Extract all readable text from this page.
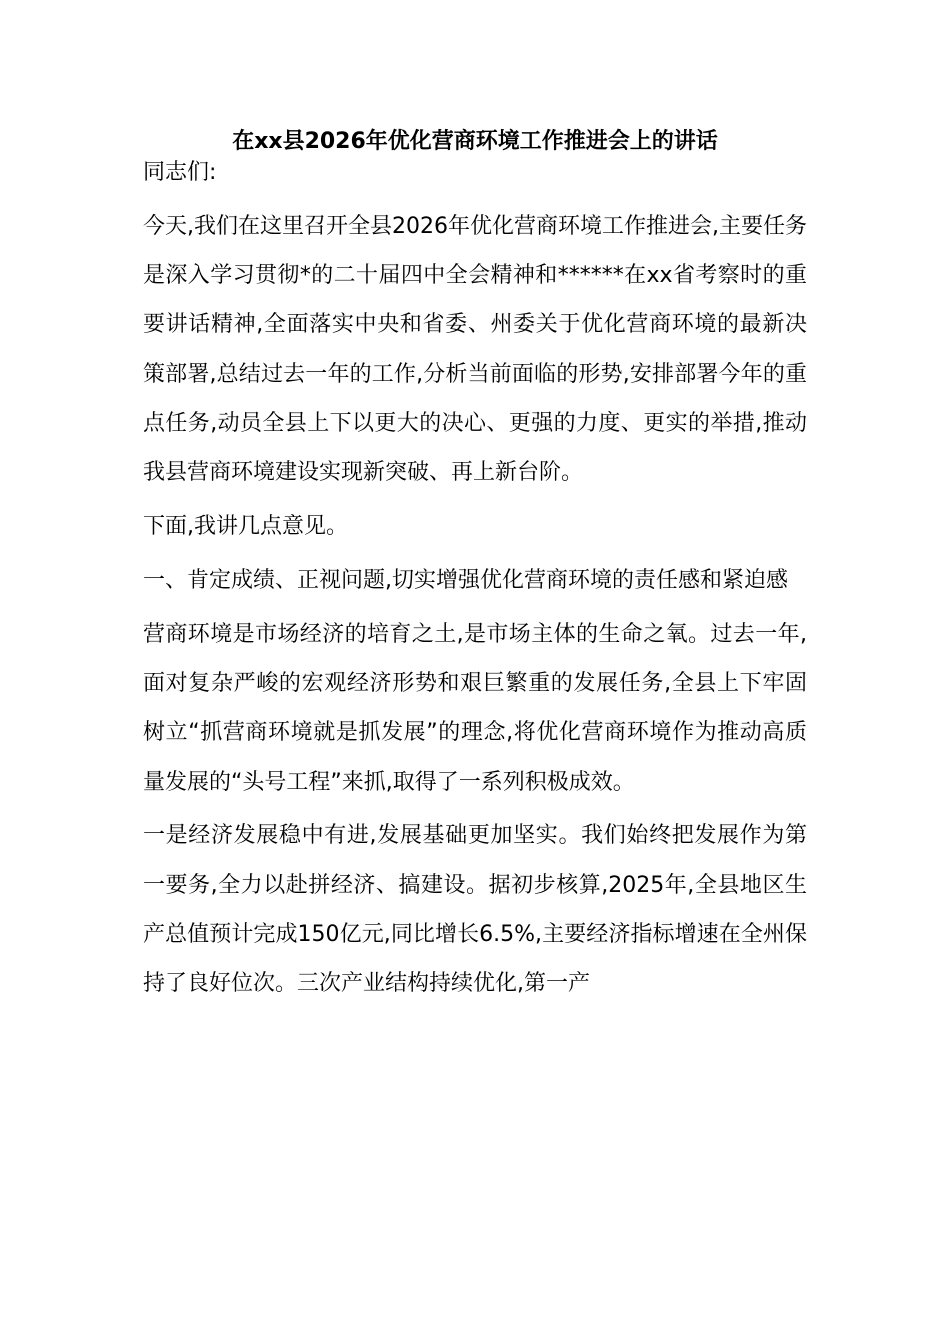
在xx县2026年优化营商环境工作推进会上的讲话

同志们:

今天,我们在这里召开全县2026年优化营商环境工作推进会,主要任务是深入学习贯彻*的二十届四中全会精神和******在xx省考察时的重要讲话精神,全面落实中央和省委、州委关于优化营商环境的最新决策部署,总结过去一年的工作,分析当前面临的形势,安排部署今年的重点任务,动员全县上下以更大的决心、更强的力度、更实的举措,推动我县营商环境建设实现新突破、再上新台阶。

下面,我讲几点意见。

一、肯定成绩、正视问题,切实增强优化营商环境的责任感和紧迫感

营商环境是市场经济的培育之土,是市场主体的生命之氧。过去一年,面对复杂严峻的宏观经济形势和艰巨繁重的发展任务,全县上下牢固树立“抓营商环境就是抓发展”的理念,将优化营商环境作为推动高质量发展的“头号工程”来抓,取得了一系列积极成效。

一是经济发展稳中有进,发展基础更加坚实。我们始终把发展作为第一要务,全力以赴拼经济、搞建设。据初步核算,2025年,全县地区生产总值预计完成150亿元,同比增长6.5%,主要经济指标增速在全州保持了良好位次。三次产业结构持续优化,第一产
